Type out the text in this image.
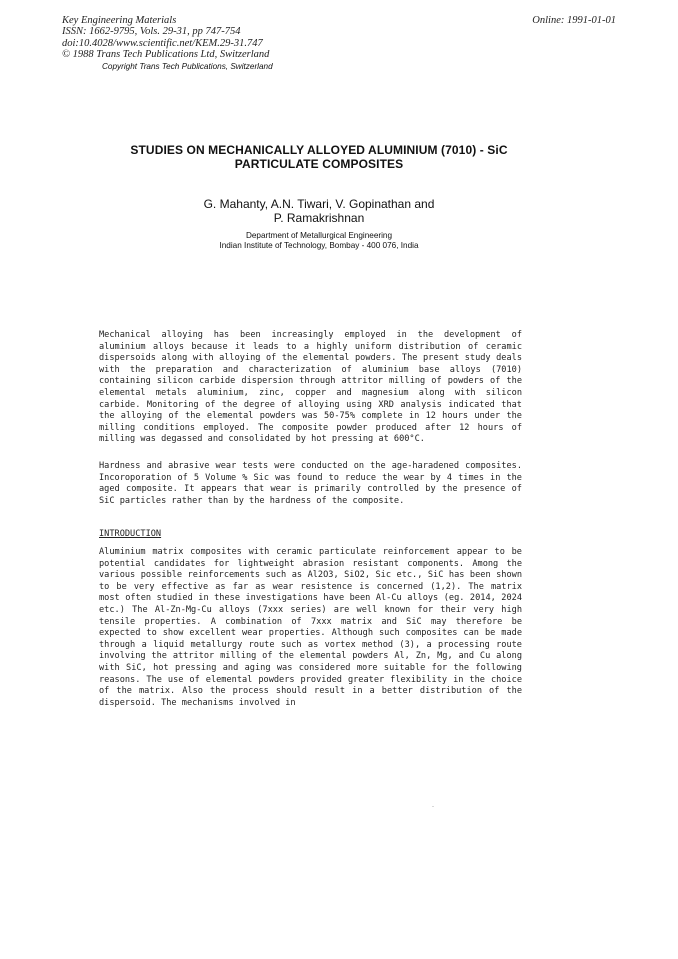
Key Engineering Materials
ISSN: 1662-9795, Vols. 29-31, pp 747-754
doi:10.4028/www.scientific.net/KEM.29-31.747
© 1988 Trans Tech Publications Ltd, Switzerland
Copyright Trans Tech Publications, Switzerland
Online: 1991-01-01
STUDIES ON MECHANICALLY ALLOYED ALUMINIUM (7010) - SiC
PARTICULATE COMPOSITES
G. Mahanty, A.N. Tiwari, V. Gopinathan and
P. Ramakrishnan
Department of Metallurgical Engineering
Indian Institute of Technology, Bombay - 400 076, India

Mechanical alloying has been increasingly employed in the development of aluminium alloys because it leads to a highly uniform distribution of ceramic dispersoids along with alloying of the elemental powders. The present study deals with the preparation and characterization of aluminium base alloys (7010) containing silicon carbide dispersion through attritor milling of powders of the elemental metals aluminium, zinc, copper and magnesium along with silicon carbide. Monitoring of the degree of alloying using XRD analysis indicated that the alloying of the elemental powders was 50-75% complete in 12 hours under the milling conditions employed. The composite powder produced after 12 hours of milling was degassed and consolidated by hot pressing at 600°C.

Hardness and abrasive wear tests were conducted on the age-haradened composites. Incoroporation of 5 Volume % Sic was found to reduce the wear by 4 times in the aged composite. It appears that wear is primarily controlled by the presence of SiC particles rather than by the hardness of the composite.

INTRODUCTION

Aluminium matrix composites with ceramic particulate reinforcement appear to be potential candidates for lightweight abrasion resistant components. Among the various possible reinforcements such as Al2O3, SiO2, Sic etc., SiC has been shown to be very effective as far as wear resistence is concerned (1,2). The matrix most often studied in these investigations have been Al-Cu alloys (eg. 2014, 2024 etc.) The Al-Zn-Mg-Cu alloys (7xxx series) are well known for their very high tensile properties. A combination of 7xxx matrix and SiC may therefore be expected to show excellent wear properties. Although such composites can be made through a liquid metallurgy route such as vortex method (3), a processing route involving the attritor milling of the elemental powders Al, Zn, Mg, and Cu along with SiC, hot pressing and aging was considered more suitable for the following reasons. The use of elemental powders provided greater flexibility in the choice of the matrix. Also the process should result in a better distribution of the dispersoid. The mechanisms involved in
